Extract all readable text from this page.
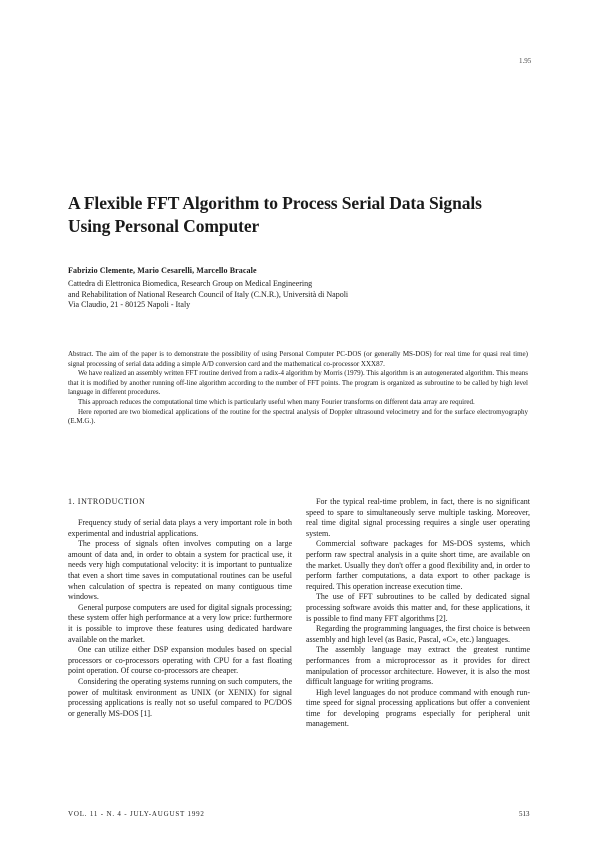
1.95
A Flexible FFT Algorithm to Process Serial Data Signals Using Personal Computer
Fabrizio Clemente, Mario Cesarelli, Marcello Bracale
Cattedra di Elettronica Biomedica, Research Group on Medical Engineering
and Rehabilitation of National Research Council of Italy (C.N.R.), Università di Napoli
Via Claudio, 21 - 80125 Napoli - Italy

Abstract. The aim of the paper is to demonstrate the possibility of using Personal Computer PC-DOS (or generally MS-DOS) for real time for quasi real time) signal processing of serial data adding a simple A/D conversion card and the mathematical co-processor XXX87.

We have realized an assembly written FFT routine derived from a radix-4 algorithm by Morris (1979). This algorithm is an autogenerated algorithm. This means that it is modified by another running off-line algorithm according to the number of FFT points. The program is organized as subroutine to be called by high level language in different procedures.

This approach reduces the computational time which is particularly useful when many Fourier transforms on different data array are required.

Here reported are two biomedical applications of the routine for the spectral analysis of Doppler ultrasound velocimetry and for the surface electromyography (E.M.G.).

1. INTRODUCTION

Frequency study of serial data plays a very important role in both experimental and industrial applications.

The process of signals often involves computing on a large amount of data and, in order to obtain a system for practical use, it needs very high computational velocity: it is important to puntualize that even a short time saves in computational routines can be useful when calculation of spectra is repeated on many contiguous time windows.

General purpose computers are used for digital signals processing; these system offer high performance at a very low price: furthermore it is possible to improve these features using dedicated hardware available on the market.

One can utilize either DSP expansion modules based on special processors or co-processors operating with CPU for a fast floating point operation. Of course co-processors are cheaper.

Considering the operating systems running on such computers, the power of multitask environment as UNIX (or XENIX) for signal processing applications is really not so useful compared to PC/DOS or generally MS-DOS [1].

For the typical real-time problem, in fact, there is no significant speed to spare to simultaneously serve multiple tasking. Moreover, real time digital signal processing requires a single user operating system.

Commercial software packages for MS-DOS systems, which perform raw spectral analysis in a quite short time, are available on the market. Usually they don't offer a good flexibility and, in order to perform farther computations, a data export to other package is required. This operation increase execution time.

The use of FFT subroutines to be called by dedicated signal processing software avoids this matter and, for these applications, it is possible to find many FFT algorithms [2].

Regarding the programming languages, the first choice is between assembly and high level (as Basic, Pascal, «C», etc.) languages.

The assembly language may extract the greatest runtime performances from a microprocessor as it provides for direct manipulation of processor architecture. However, it is also the most difficult language for writing programs.

High level languages do not produce command with enough run-time speed for signal processing applications but offer a convenient time for developing programs especially for peripheral unit management.

VOL. 11 - N. 4 - JULY-AUGUST 1992	513
